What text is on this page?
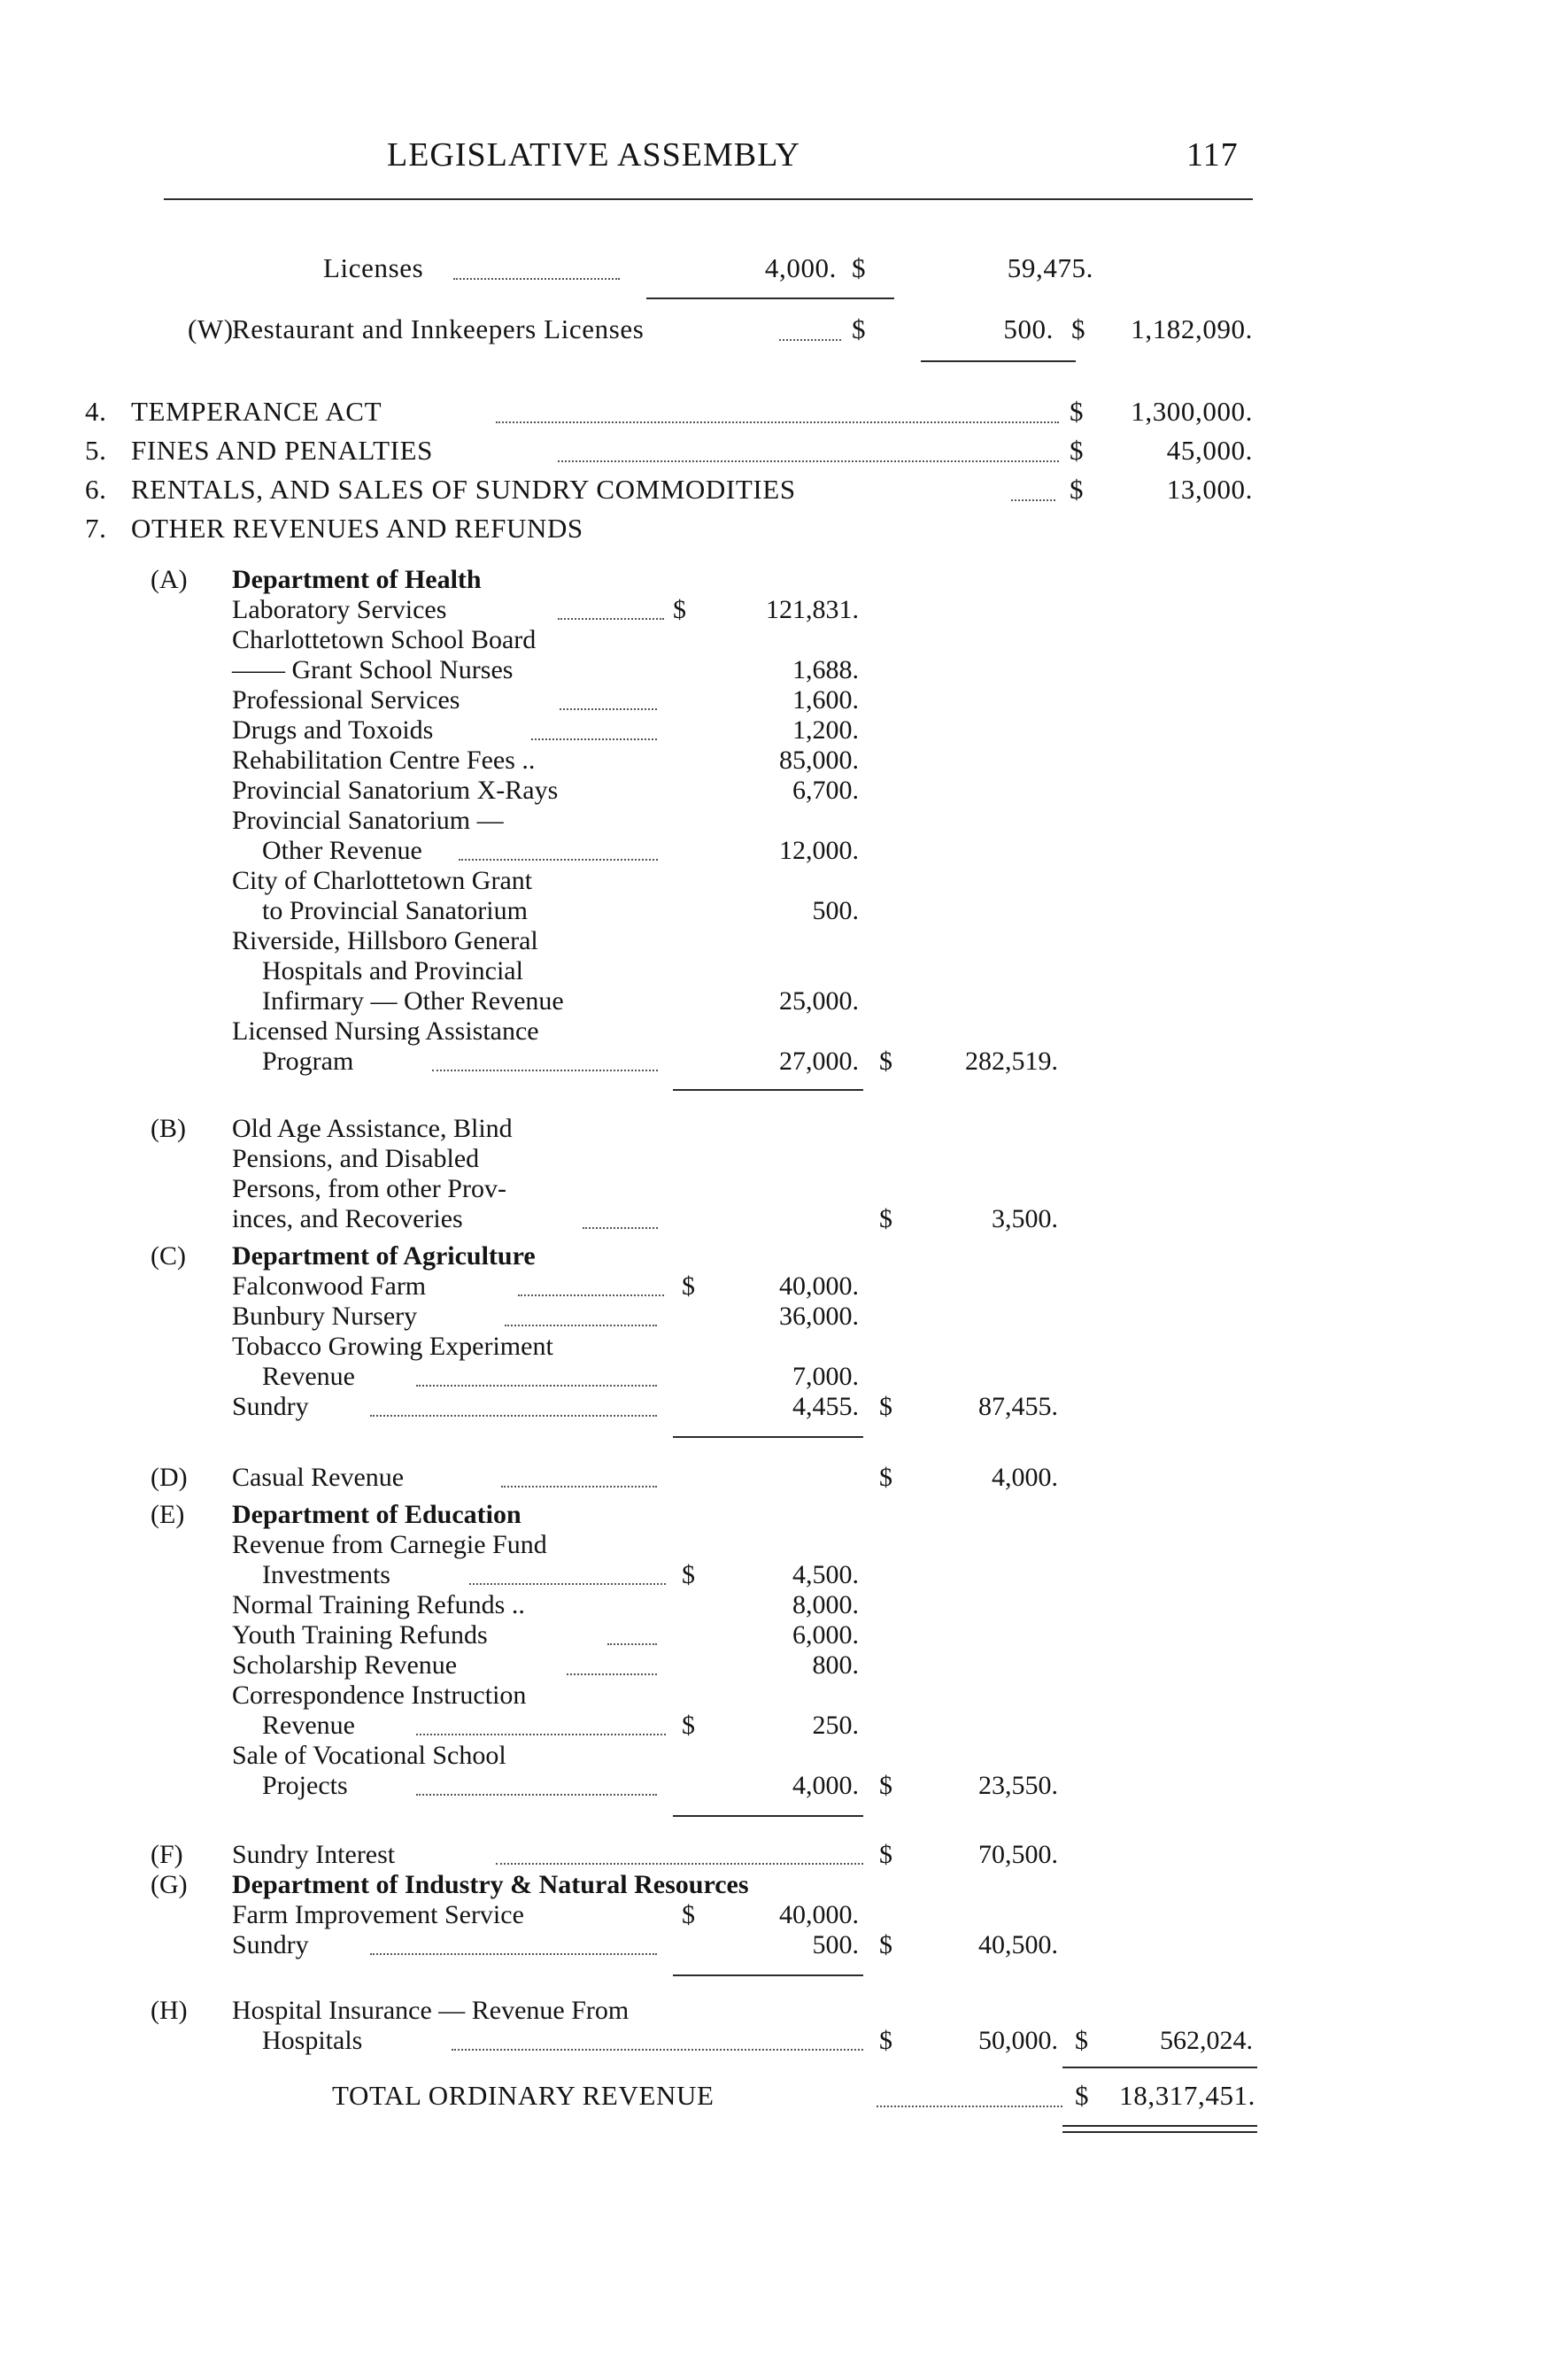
LEGISLATIVE ASSEMBLY	117
Licenses	4,000. $	59,475.
(W)
Restaurant and Innkeepers Licenses	$	500. $	1,182,090.
4. TEMPERANCE ACT	$	1,300,000.
5. FINES AND PENALTIES	$	45,000.
6. RENTALS, AND SALES OF SUNDRY COMMODITIES	$	13,000.
7. OTHER REVENUES AND REFUNDS
(A) Department of Health
Laboratory Services	$	121,831.
Charlottetown School Board
—— Grant School Nurses	1,688.
Professional Services	1,600.
Drugs and Toxoids	1,200.
Rehabilitation Centre Fees ..	85,000.
Provincial Sanatorium X-Rays	6,700.
Provincial Sanatorium —
Other Revenue	12,000.
City of Charlottetown Grant
to Provincial Sanatorium	500.
Riverside, Hillsboro General
Hospitals and Provincial
Infirmary — Other Revenue	25,000.
Licensed Nursing Assistance
Program	27,000. $	282,519.
(B) Old Age Assistance, Blind
Pensions, and Disabled
Persons, from other Prov-
inces, and Recoveries	$	3,500.
(C) Department of Agriculture
Falconwood Farm	$	40,000.
Bunbury Nursery	36,000.
Tobacco Growing Experiment
Revenue	7,000.
Sundry	4,455. $	87,455.
(D) Casual Revenue	$	4,000.
(E) Department of Education
Revenue from Carnegie Fund
Investments	$	4,500.
Normal Training Refunds ..	8,000.
Youth Training Refunds	6,000.
Scholarship Revenue	800.
Correspondence Instruction
Revenue	$	250.
Sale of Vocational School
Projects	4,000. $	23,550.
(F) Sundry Interest	$	70,500.
(G) Department of Industry & Natural Resources
Farm Improvement Service	$	40,000.
Sundry	500. $	40,500.
(H) Hospital Insurance — Revenue From
Hospitals	$	50,000. $	562,024.
TOTAL ORDINARY REVENUE	$	18,317,451.
